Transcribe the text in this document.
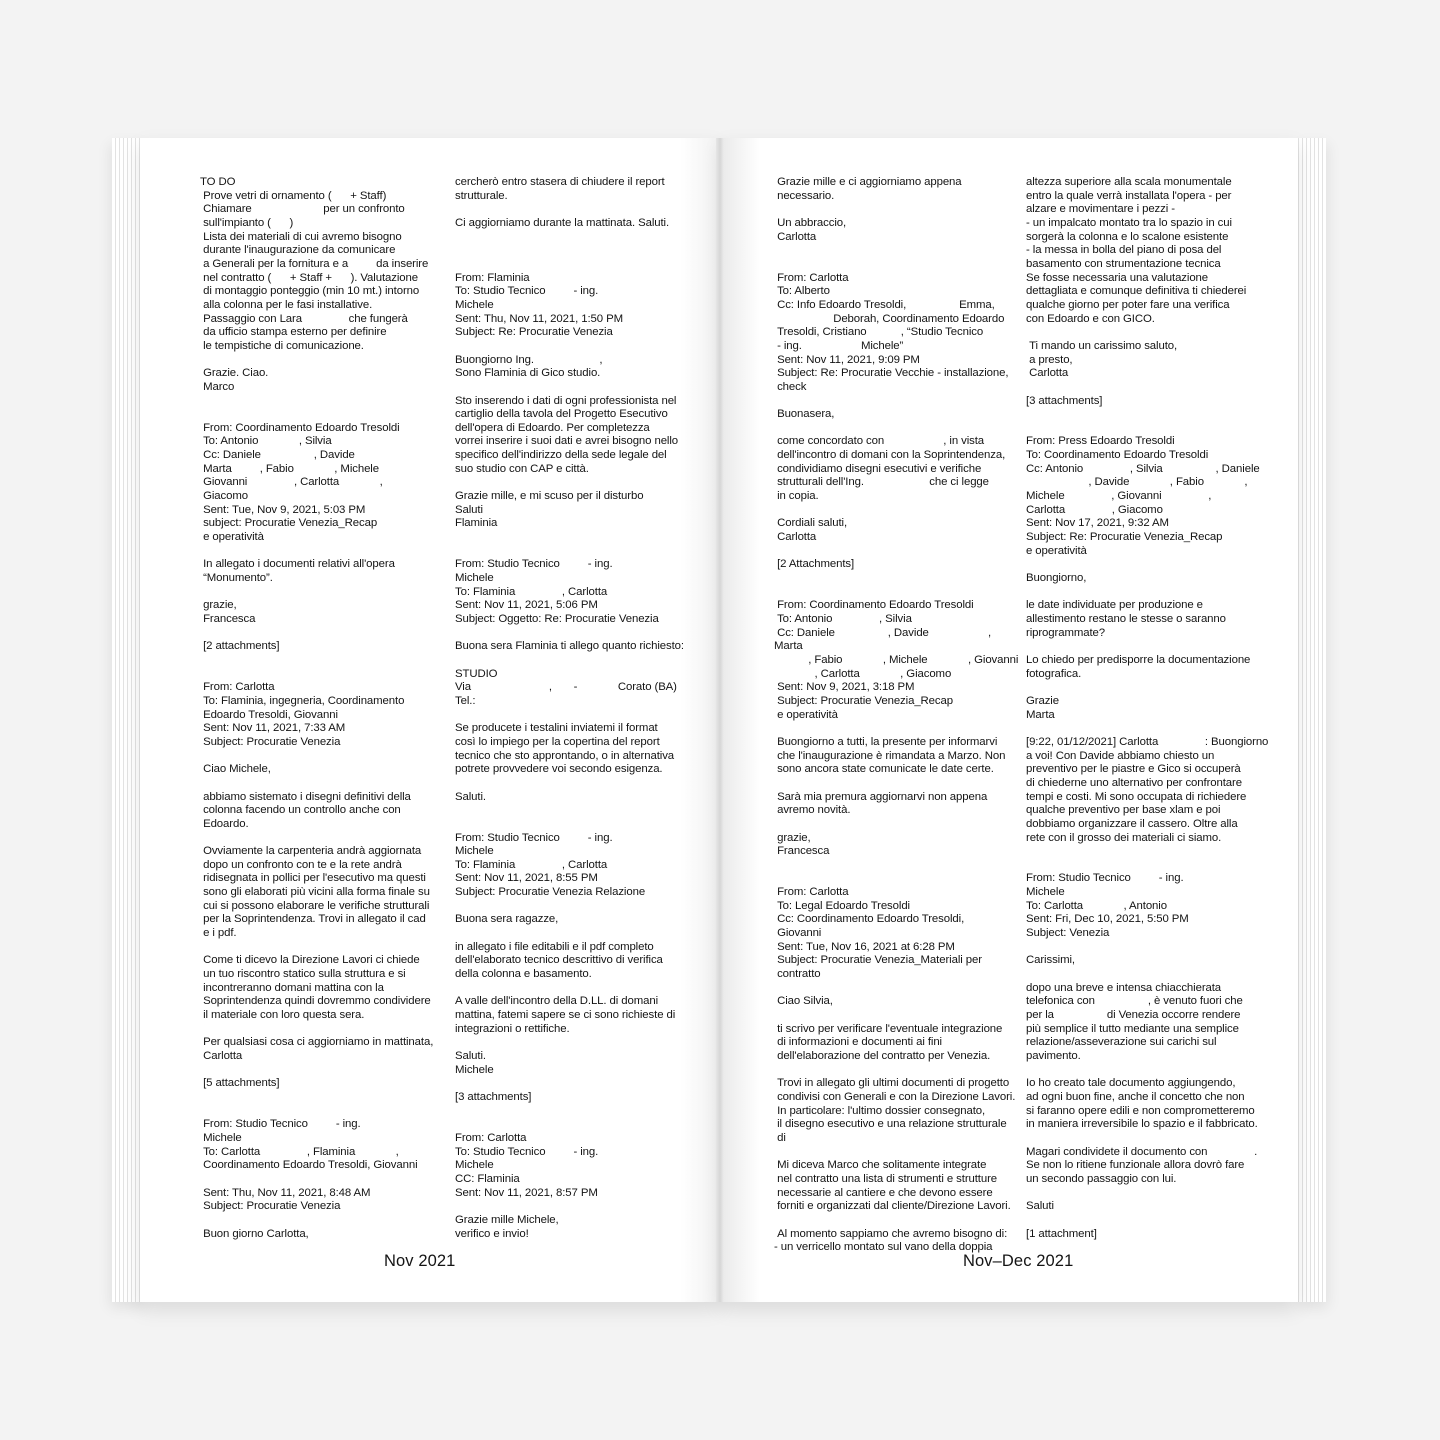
TO DO
Prove vetri di ornamento (   + Staff)
Chiamare            per un confronto
sull'impianto (   )
Lista dei materiali di cui avremo bisogno
durante l'inaugurazione da comunicare
a Generali per la fornitura e a     da inserire
nel contratto (   + Staff +   ). Valutazione
di montaggio ponteggio (min 10 mt.) intorno
alla colonna per le fasi installative.
Passaggio con Lara        che fungerà
da ufficio stampa esterno per definire
le tempistiche di comunicazione.

Grazie. Ciao.
Marco

From: Coordinamento Edoardo Tresoldi
To: Antonio       , Silvia
Cc: Daniele         , Davide
Marta     , Fabio       , Michele
Giovanni        , Carlotta       ,
Giacomo
Sent: Tue, Nov 9, 2021, 5:03 PM
subject: Procuratie Venezia_Recap
e operatività

In allegato i documenti relativi all'opera
“Monumento”.

grazie,
Francesca

[2 attachments]

From: Carlotta
To: Flaminia, ingegneria, Coordinamento
Edoardo Tresoldi, Giovanni
Sent: Nov 11, 2021, 7:33 AM
Subject: Procuratie Venezia

Ciao Michele,

abbiamo sistemato i disegni definitivi della
colonna facendo un controllo anche con
Edoardo.

Ovviamente la carpenteria andrà aggiornata
dopo un confronto con te e la rete andrà
ridisegnata in pollici per l'esecutivo ma questi
sono gli elaborati più vicini alla forma finale su
cui si possono elaborare le verifiche strutturali
per la Soprintendenza. Trovi in allegato il cad
e i pdf.

Come ti dicevo la Direzione Lavori ci chiede
un tuo riscontro statico sulla struttura e si
incontreranno domani mattina con la
Soprintendenza quindi dovremmo condividere
il materiale con loro questa sera.

Per qualsiasi cosa ci aggiorniamo in mattinata,
Carlotta

[5 attachments]

From: Studio Tecnico     - ing.
Michele
To: Carlotta        , Flaminia       ,
Coordinamento Edoardo Tresoldi, Giovanni

Sent: Thu, Nov 11, 2021, 8:48 AM
Subject: Procuratie Venezia

Buon giorno Carlotta,
cercherò entro stasera di chiudere il report
strutturale.

Ci aggiorniamo durante la mattinata. Saluti.

From: Flaminia
To: Studio Tecnico     - ing.
Michele
Sent: Thu, Nov 11, 2021, 1:50 PM
Subject: Re: Procuratie Venezia

Buongiorno Ing.           ,
Sono Flaminia di Gico studio.

Sto inserendo i dati di ogni professionista nel
cartiglio della tavola del Progetto Esecutivo
dell'opera di Edoardo. Per completezza
vorrei inserire i suoi dati e avrei bisogno nello
specifico dell'indirizzo della sede legale del
suo studio con CAP e città.

Grazie mille, e mi scuso per il disturbo
Saluti
Flaminia

From: Studio Tecnico     - ing.
Michele
To: Flaminia        , Carlotta
Sent: Nov 11, 2021, 5:06 PM
Subject: Oggetto: Re: Procuratie Venezia

Buona sera Flaminia ti allego quanto richiesto:

STUDIO
Via             ,    -       Corato (BA)
Tel.:

Se producete i testalini inviatemi il format
così lo impiego per la copertina del report
tecnico che sto approntando, o in alternativa
potrete provvedere voi secondo esigenza.

Saluti.

From: Studio Tecnico     - ing.
Michele
To: Flaminia        , Carlotta
Sent: Nov 11, 2021, 8:55 PM
Subject: Procuratie Venezia Relazione

Buona sera ragazze,

in allegato i file editabili e il pdf completo
dell'elaborato tecnico descrittivo di verifica
della colonna e basamento.

A valle dell'incontro della D.LL. di domani
mattina, fatemi sapere se ci sono richieste di
integrazioni o rettifiche.

Saluti.
Michele

[3 attachments]

From: Carlotta
To: Studio Tecnico     - ing.
Michele
CC: Flaminia
Sent: Nov 11, 2021, 8:57 PM

Grazie mille Michele,
verifico e invio!
Nov 2021
Grazie mille e ci aggiorniamo appena
necessario.

Un abbraccio,
Carlotta

From: Carlotta
To: Alberto
Cc: Info Edoardo Tresoldi,         Emma,
         Deborah, Coordinamento Edoardo
Tresoldi, Cristiano      , “Studio Tecnico
- ing.          Michele”
Sent: Nov 11, 2021, 9:09 PM
Subject: Re: Procuratie Vecchie - installazione,
check

Buonasera,

come concordato con          , in vista
dell'incontro di domani con la Soprintendenza,
condividiamo disegni esecutivi e verifiche
strutturali dell'Ing.           che ci legge
in copia.

Cordiali saluti,
Carlotta

[2 Attachments]

From: Coordinamento Edoardo Tresoldi
To: Antonio        , Silvia
Cc: Daniele         , Davide          , Marta
     , Fabio       , Michele       , Giovanni
      , Carlotta       , Giacomo
Sent: Nov 9, 2021, 3:18 PM
Subject: Procuratie Venezia_Recap
e operatività

Buongiorno a tutti, la presente per informarvi
che l'inaugurazione è rimandata a Marzo. Non
sono ancora state comunicate le date certe.

Sarà mia premura aggiornarvi non appena
avremo novità.

grazie,
Francesca

From: Carlotta
To: Legal Edoardo Tresoldi
Cc: Coordinamento Edoardo Tresoldi,
Giovanni
Sent: Tue, Nov 16, 2021 at 6:28 PM
Subject: Procuratie Venezia_Materiali per
contratto

Ciao Silvia,

ti scrivo per verificare l'eventuale integrazione
di informazioni e documenti ai fini
dell'elaborazione del contratto per Venezia.

Trovi in allegato gli ultimi documenti di progetto
condivisi con Generali e con la Direzione Lavori.
In particolare: l'ultimo dossier consegnato,
il disegno esecutivo e una relazione strutturale
di

Mi diceva Marco che solitamente integrate
nel contratto una lista di strumenti e strutture
necessarie al cantiere e che devono essere
forniti e organizzati dal cliente/Direzione Lavori.

Al momento sappiamo che avremo bisogno di:
- un verricello montato sul vano della doppia
altezza superiore alla scala monumentale
entro la quale verrà installata l'opera - per
alzare e movimentare i pezzi -
- un impalcato montato tra lo spazio in cui
sorgerà la colonna e lo scalone esistente
- la messa in bolla del piano di posa del
basamento con strumentazione tecnica
Se fosse necessaria una valutazione
dettagliata e comunque definitiva ti chiederei
qualche giorno per poter fare una verifica
con Edoardo e con GICO.

Ti mando un carissimo saluto,
a presto,
Carlotta

[3 attachments]

From: Press Edoardo Tresoldi
To: Coordinamento Edoardo Tresoldi
Cc: Antonio        , Silvia         , Daniele
          , Davide       , Fabio       ,
Michele        , Giovanni        ,
Carlotta        , Giacomo
Sent: Nov 17, 2021, 9:32 AM
Subject: Re: Procuratie Venezia_Recap
e operatività

Buongiorno,

le date individuate per produzione e
allestimento restano le stesse o saranno
riprogrammate?

Lo chiedo per predisporre la documentazione
fotografica.

Grazie
Marta

[9:22, 01/12/2021] Carlotta        : Buongiorno
a voi! Con Davide abbiamo chiesto un
preventivo per le piastre e Gico si occuperà
di chiederne uno alternativo per confrontare
tempi e costi. Mi sono occupata di richiedere
qualche preventivo per base xlam e poi
dobbiamo organizzare il cassero. Oltre alla
rete con il grosso dei materiali ci siamo.

From: Studio Tecnico     - ing.
Michele
To: Carlotta       , Antonio
Sent: Fri, Dec 10, 2021, 5:50 PM
Subject: Venezia

Carissimi,

dopo una breve e intensa chiacchierata
telefonica con         , è venuto fuori che
per la         di Venezia occorre rendere
più semplice il tutto mediante una semplice
relazione/asseverazione sui carichi sul
pavimento.

Io ho creato tale documento aggiungendo,
ad ogni buon fine, anche il concetto che non
si faranno opere edili e non comprometteremo
in maniera irreversibile lo spazio e il fabbricato.

Magari condividete il documento con        .
Se non lo ritiene funzionale allora dovrò fare
un secondo passaggio con lui.

Saluti

[1 attachment]
Nov–Dec 2021
